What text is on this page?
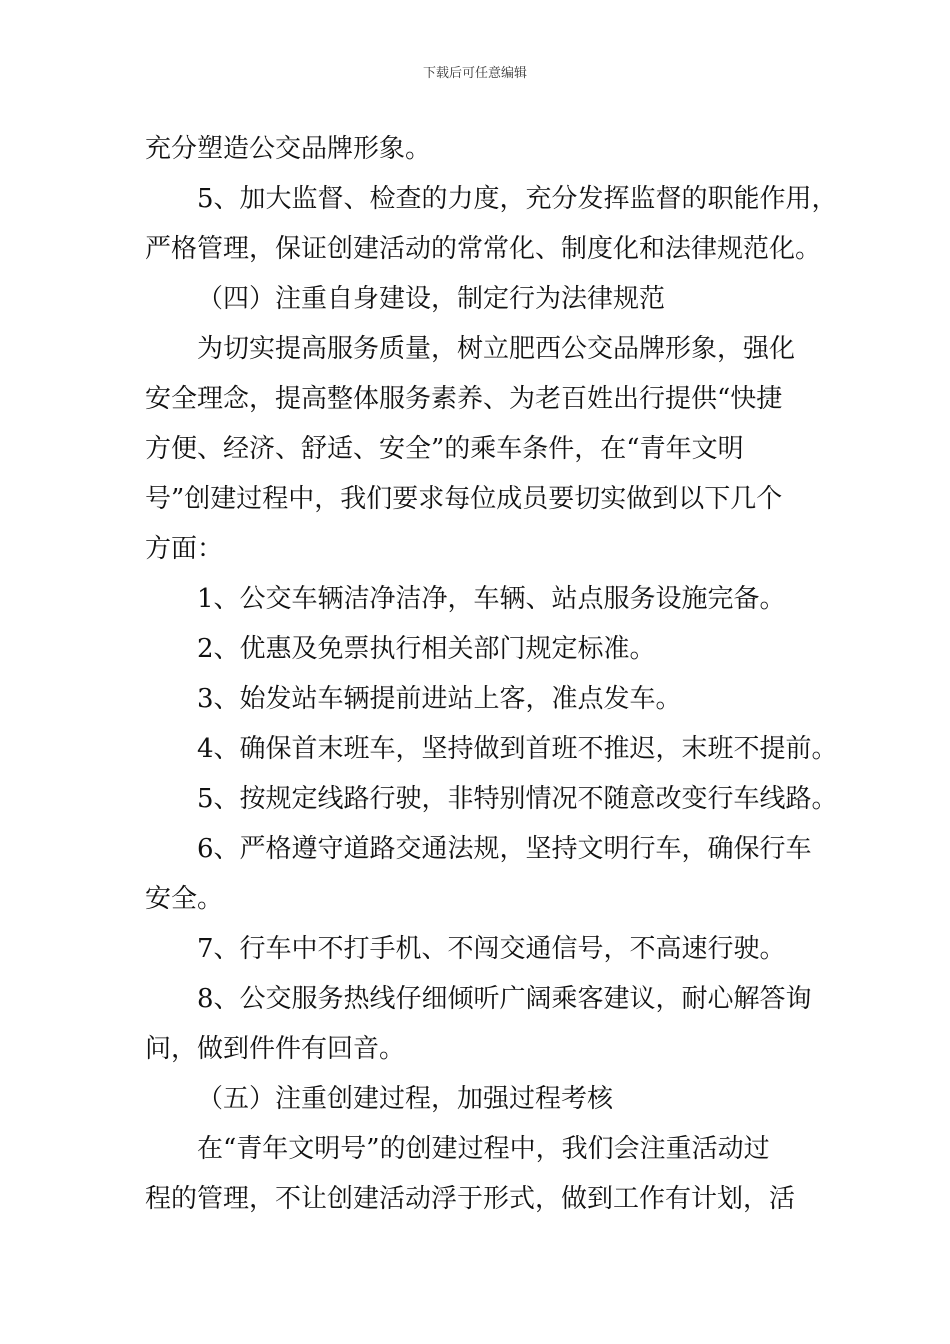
下载后可任意编辑
充分塑造公交品牌形象。
5、加大监督、检查的力度，充分发挥监督的职能作用，
严格管理，保证创建活动的常常化、制度化和法律规范化。
（四）注重自身建设，制定行为法律规范
为切实提高服务质量，树立肥西公交品牌形象，强化
安全理念，提高整体服务素养、为老百姓出行提供“快捷
方便、经济、舒适、安全”的乘车条件，在“青年文明
号”创建过程中，我们要求每位成员要切实做到以下几个
方面：
1、公交车辆洁净洁净，车辆、站点服务设施完备。
2、优惠及免票执行相关部门规定标准。
3、始发站车辆提前进站上客，准点发车。
4、确保首末班车，坚持做到首班不推迟，末班不提前。
5、按规定线路行驶，非特别情况不随意改变行车线路。
6、严格遵守道路交通法规，坚持文明行车，确保行车
安全。
7、行车中不打手机、不闯交通信号，不高速行驶。
8、公交服务热线仔细倾听广阔乘客建议，耐心解答询
问，做到件件有回音。
（五）注重创建过程，加强过程考核
在“青年文明号”的创建过程中，我们会注重活动过
程的管理，不让创建活动浮于形式，做到工作有计划，活
